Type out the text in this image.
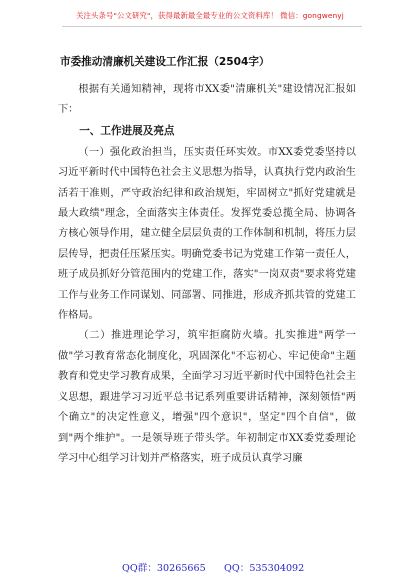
关注头条号"公文研究"，获得最新最全最专业的公文资料库！ 微信：gongwenyj
市委推动清廉机关建设工作汇报（2504字）

根据有关通知精神，现将市XX委"清廉机关"建设情况汇报如下：

一、工作进展及亮点

（一）强化政治担当，压实责任环实效。市XX委党委坚持以习近平新时代中国特色社会主义思想为指导，认真执行党内政治生活若干准则，严守政治纪律和政治规矩，牢固树立"抓好党建就是最大政绩"理念，全面落实主体责任。发挥党委总揽全局、协调各方核心领导作用，建立健全层层负责的工作体制和机制，将压力层层传导，把责任压紧压实。明确党委书记为党建工作第一责任人，班子成员抓好分管范围内的党建工作，落实"一岗双责"要求将党建工作与业务工作同谋划、同部署、同推进，形成齐抓共管的党建工作格局。

（二）推进理论学习，筑牢拒腐防火墙。扎实推进"两学一做"学习教育常态化制度化，巩固深化"不忘初心、牢记使命"主题教育和党史学习教育成果，全面学习习近平新时代中国特色社会主义思想，跟进学习习近平总书记系列重要讲话精神，深刻领悟"两个确立"的决定性意义，增强"四个意识"，坚定"四个自信"，做到"两个维护"。一是领导班子带头学。年初制定市XX委党委理论学习中心组学习计划并严格落实，班子成员认真学习廉

QQ群：30265665 QQ：535304092
